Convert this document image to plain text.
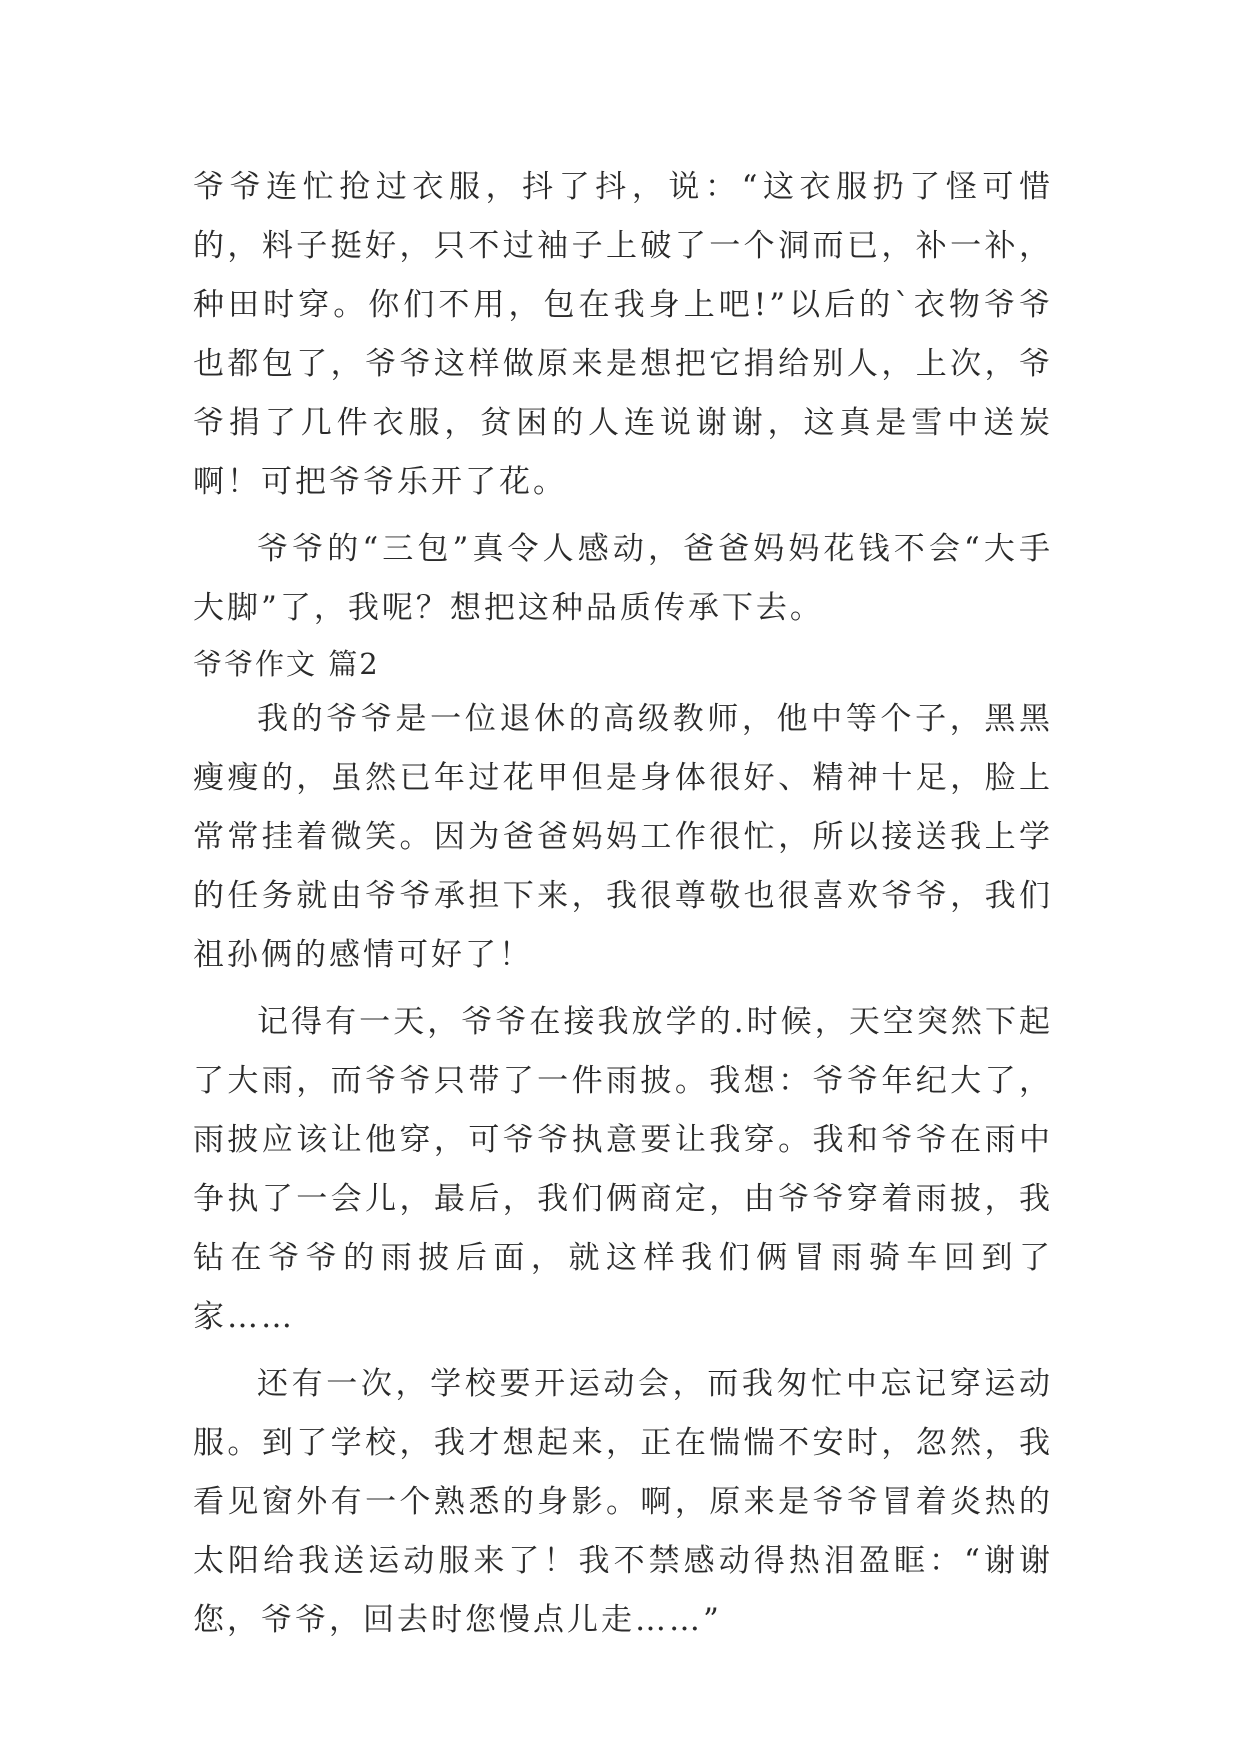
爷爷连忙抢过衣服，抖了抖，说：“这衣服扔了怪可惜的，料子挺好，只不过袖子上破了一个洞而已，补一补，种田时穿。你们不用，包在我身上吧!”以后的`衣物爷爷也都包了，爷爷这样做原来是想把它捐给别人，上次，爷爷捐了几件衣服，贫困的人连说谢谢，这真是雪中送炭啊！可把爷爷乐开了花。

爷爷的“三包”真令人感动，爸爸妈妈花钱不会“大手大脚”了，我呢？想把这种品质传承下去。

爷爷作文 篇2

我的爷爷是一位退休的高级教师，他中等个子，黑黑瘦瘦的，虽然已年过花甲但是身体很好、精神十足，脸上常常挂着微笑。因为爸爸妈妈工作很忙，所以接送我上学的任务就由爷爷承担下来，我很尊敬也很喜欢爷爷，我们祖孙俩的感情可好了！

记得有一天，爷爷在接我放学的.时候，天空突然下起了大雨，而爷爷只带了一件雨披。我想：爷爷年纪大了，雨披应该让他穿，可爷爷执意要让我穿。我和爷爷在雨中争执了一会儿，最后，我们俩商定，由爷爷穿着雨披，我钻在爷爷的雨披后面，就这样我们俩冒雨骑车回到了家……

还有一次，学校要开运动会，而我匆忙中忘记穿运动服。到了学校，我才想起来，正在惴惴不安时，忽然，我看见窗外有一个熟悉的身影。啊，原来是爷爷冒着炎热的太阳给我送运动服来了！我不禁感动得热泪盈眶：“谢谢您，爷爷，回去时您慢点儿走……”
